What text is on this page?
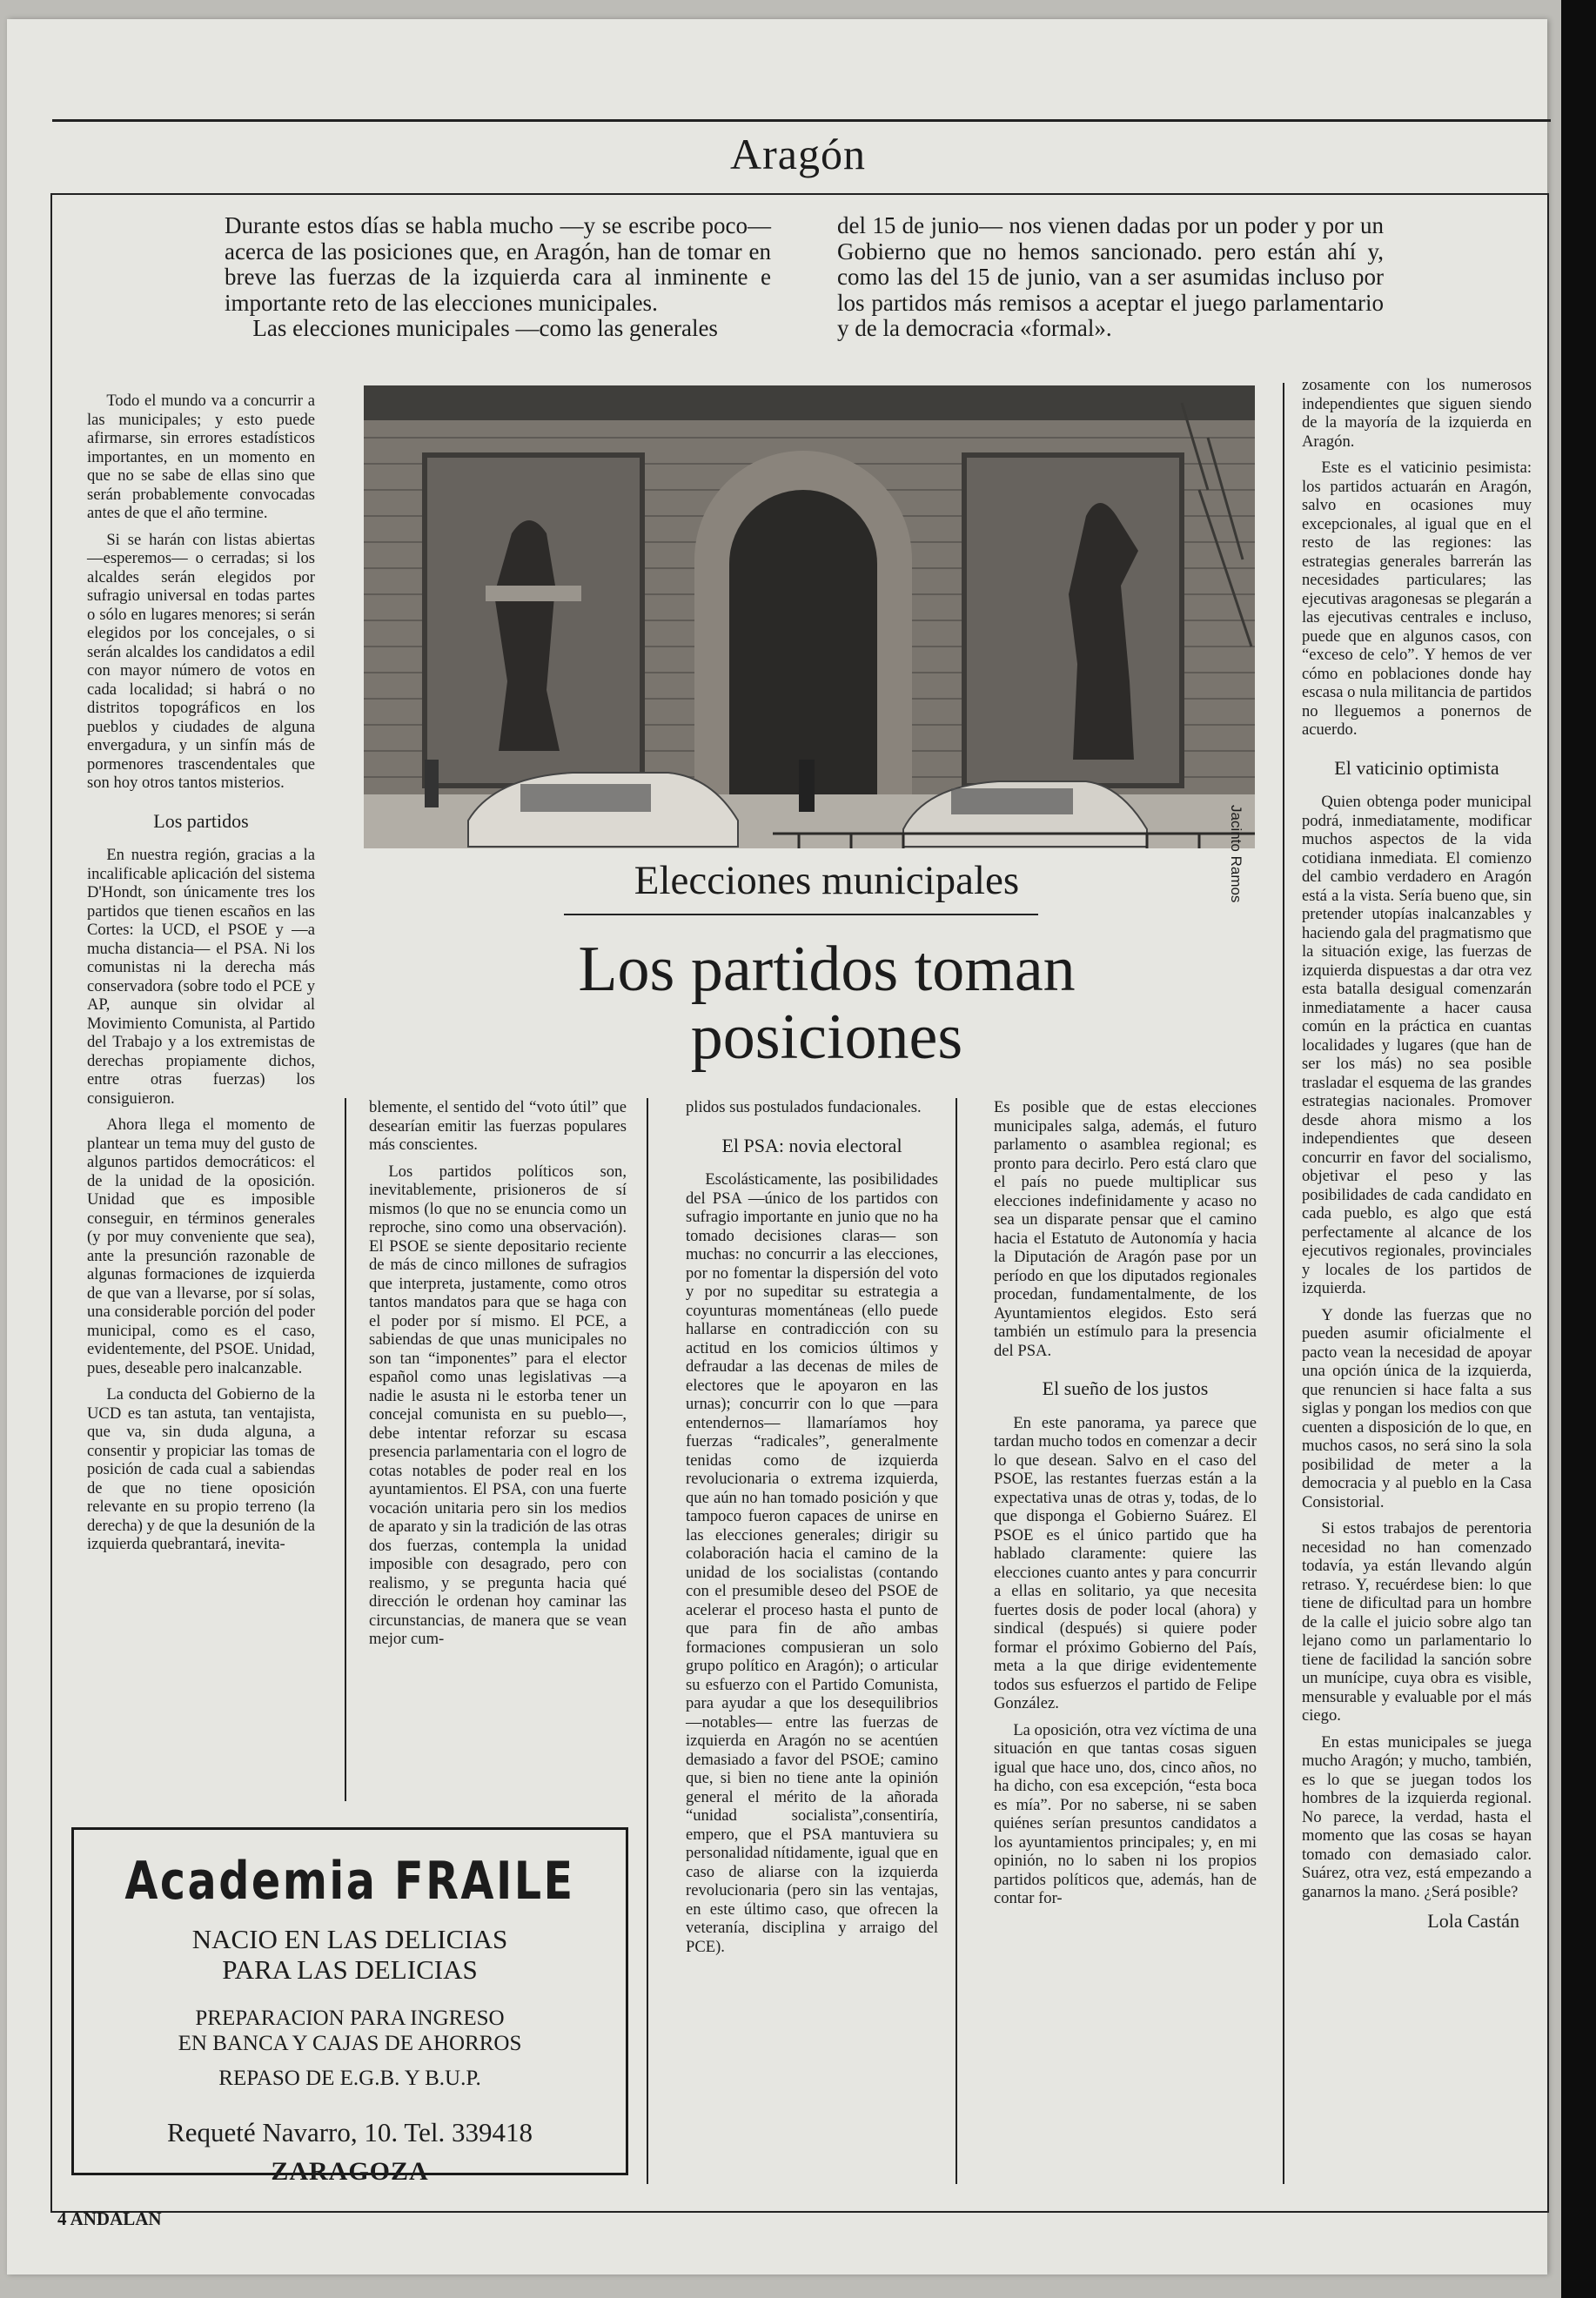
Aragón

Durante estos días se habla mucho —y se escribe poco— acerca de las posiciones que, en Aragón, han de tomar en breve las fuerzas de la izquierda cara al inminente e importante reto de las elecciones municipales.

Las elecciones municipales —como las generales

del 15 de junio— nos vienen dadas por un poder y por un Gobierno que no hemos sancionado. pero están ahí y, como las del 15 de junio, van a ser asumidas incluso por los partidos más remisos a aceptar el juego parlamentario y de la democracia «formal».
Jacinto Ramos
Elecciones municipales
Los partidos toman posiciones

Todo el mundo va a concurrir a las municipales; y esto puede afirmarse, sin errores estadísticos importantes, en un momento en que no se sabe de ellas sino que serán probablemente convocadas antes de que el año termine.

Si se harán con listas abiertas —esperemos— o cerradas; si los alcaldes serán elegidos por sufragio universal en todas partes o sólo en lugares menores; si serán elegidos por los concejales, o si serán alcaldes los candidatos a edil con mayor número de votos en cada localidad; si habrá o no distritos topográficos en los pueblos y ciudades de alguna envergadura, y un sinfín más de pormenores trascendentales que son hoy otros tantos misterios.

Los partidos

En nuestra región, gracias a la incalificable aplicación del sistema D'Hondt, son únicamente tres los partidos que tienen escaños en las Cortes: la UCD, el PSOE y —a mucha distancia— el PSA. Ni los comunistas ni la derecha más conservadora (sobre todo el PCE y AP, aunque sin olvidar al Movimiento Comunista, al Partido del Trabajo y a los extremistas de derechas propiamente dichos, entre otras fuerzas) los consiguieron.

Ahora llega el momento de plantear un tema muy del gusto de algunos partidos democráticos: el de la unidad de la oposición. Unidad que es imposible conseguir, en términos generales (y por muy conveniente que sea), ante la presunción razonable de algunas formaciones de izquierda de que van a llevarse, por sí solas, una considerable porción del poder municipal, como es el caso, evidentemente, del PSOE. Unidad, pues, deseable pero inalcanzable.

La conducta del Gobierno de la UCD es tan astuta, tan ventajista, que va, sin duda alguna, a consentir y propiciar las tomas de posición de cada cual a sabiendas de que no tiene oposición relevante en su propio terreno (la derecha) y de que la desunión de la izquierda quebrantará, inevita-

blemente, el sentido del “voto útil” que desearían emitir las fuerzas populares más conscientes.

Los partidos políticos son, inevitablemente, prisioneros de sí mismos (lo que no se enuncia como un reproche, sino como una observación). El PSOE se siente depositario reciente de más de cinco millones de sufragios que interpreta, justamente, como otros tantos mandatos para que se haga con el poder por sí mismo. El PCE, a sabiendas de que unas municipales no son tan “imponentes” para el elector español como unas legislativas —a nadie le asusta ni le estorba tener un concejal comunista en su pueblo—, debe intentar reforzar su escasa presencia parlamentaria con el logro de cotas notables de poder real en los ayuntamientos. El PSA, con una fuerte vocación unitaria pero sin los medios de aparato y sin la tradición de las otras dos fuerzas, contempla la unidad imposible con desagrado, pero con realismo, y se pregunta hacia qué dirección le ordenan hoy caminar las circunstancias, de manera que se vean mejor cum-

plidos sus postulados fundacionales.

El PSA: novia electoral

Escolásticamente, las posibilidades del PSA —único de los partidos con sufragio importante en junio que no ha tomado decisiones claras— son muchas: no concurrir a las elecciones, por no fomentar la dispersión del voto y por no supeditar su estrategia a coyunturas momentáneas (ello puede hallarse en contradicción con su actitud en los comicios últimos y defraudar a las decenas de miles de electores que le apoyaron en las urnas); concurrir con lo que —para entendernos— llamaríamos hoy fuerzas “radicales”, generalmente tenidas como de izquierda revolucionaria o extrema izquierda, que aún no han tomado posición y que tampoco fueron capaces de unirse en las elecciones generales; dirigir su colaboración hacia el camino de la unidad de los socialistas (contando con el presumible deseo del PSOE de acelerar el proceso hasta el punto de que para fin de año ambas formaciones compusieran un solo grupo político en Aragón); o articular su esfuerzo con el Partido Comunista, para ayudar a que los desequilibrios —notables— entre las fuerzas de izquierda en Aragón no se acentúen demasiado a favor del PSOE; camino que, si bien no tiene ante la opinión general el mérito de la añorada “unidad socialista”,consentiría, empero, que el PSA mantuviera su personalidad nítidamente, igual que en caso de aliarse con la izquierda revolucionaria (pero sin las ventajas, en este último caso, que ofrecen la veteranía, disciplina y arraigo del PCE).

Es posible que de estas elecciones municipales salga, además, el futuro parlamento o asamblea regional; es pronto para decirlo. Pero está claro que el país no puede multiplicar sus elecciones indefinidamente y acaso no sea un disparate pensar que el camino hacia el Estatuto de Autonomía y hacia la Diputación de Aragón pase por un período en que los diputados regionales procedan, fundamentalmente, de los Ayuntamientos elegidos. Esto será también un estímulo para la presencia del PSA.

El sueño de los justos

En este panorama, ya parece que tardan mucho todos en comenzar a decir lo que desean. Salvo en el caso del PSOE, las restantes fuerzas están a la expectativa unas de otras y, todas, de lo que disponga el Gobierno Suárez. El PSOE es el único partido que ha hablado claramente: quiere las elecciones cuanto antes y para concurrir a ellas en solitario, ya que necesita fuertes dosis de poder local (ahora) y sindical (después) si quiere poder formar el próximo Gobierno del País, meta a la que dirige evidentemente todos sus esfuerzos el partido de Felipe González.

La oposición, otra vez víctima de una situación en que tantas cosas siguen igual que hace uno, dos, cinco años, no ha dicho, con esa excepción, “esta boca es mía”. Por no saberse, ni se saben quiénes serían presuntos candidatos a los ayuntamientos principales; y, en mi opinión, no lo saben ni los propios partidos políticos que, además, han de contar for-

zosamente con los numerosos independientes que siguen siendo de la mayoría de la izquierda en Aragón.

Este es el vaticinio pesimista: los partidos actuarán en Aragón, salvo en ocasiones muy excepcionales, al igual que en el resto de las regiones: las estrategias generales barrerán las necesidades particulares; las ejecutivas aragonesas se plegarán a las ejecutivas centrales e incluso, puede que en algunos casos, con “exceso de celo”. Y hemos de ver cómo en poblaciones donde hay escasa o nula militancia de partidos no lleguemos a ponernos de acuerdo.

El vaticinio optimista

Quien obtenga poder municipal podrá, inmediatamente, modificar muchos aspectos de la vida cotidiana inmediata. El comienzo del cambio verdadero en Aragón está a la vista. Sería bueno que, sin pretender utopías inalcanzables y haciendo gala del pragmatismo que la situación exige, las fuerzas de izquierda dispuestas a dar otra vez esta batalla desigual comenzarán inmediatamente a hacer causa común en la práctica en cuantas localidades y lugares (que han de ser los más) no sea posible trasladar el esquema de las grandes estrategias nacionales. Promover desde ahora mismo a los independientes que deseen concurrir en favor del socialismo, objetivar el peso y las posibilidades de cada candidato en cada pueblo, es algo que está perfectamente al alcance de los ejecutivos regionales, provinciales y locales de los partidos de izquierda.

Y donde las fuerzas que no pueden asumir oficialmente el pacto vean la necesidad de apoyar una opción única de la izquierda, que renuncien si hace falta a sus siglas y pongan los medios con que cuenten a disposición de lo que, en muchos casos, no será sino la sola posibilidad de meter a la democracia y al pueblo en la Casa Consistorial.

Si estos trabajos de perentoria necesidad no han comenzado todavía, ya están llevando algún retraso. Y, recuérdese bien: lo que tiene de dificultad para un hombre de la calle el juicio sobre algo tan lejano como un parlamentario lo tiene de facilidad la sanción sobre un munícipe, cuya obra es visible, mensurable y evaluable por el más ciego.

En estas municipales se juega mucho Aragón; y mucho, también, es lo que se juegan todos los hombres de la izquierda regional. No parece, la verdad, hasta el momento que las cosas se hayan tomado con demasiado calor. Suárez, otra vez, está empezando a ganarnos la mano. ¿Será posible?

Lola Castán

Academia FRAILE
NACIO EN LAS DELICIAS
PARA LAS DELICIAS
PREPARACION PARA INGRESO
EN BANCA Y CAJAS DE AHORROS
REPASO DE E.G.B. Y B.U.P.
Requeté Navarro, 10. Tel. 339418
ZARAGOZA
4 ANDALAN
